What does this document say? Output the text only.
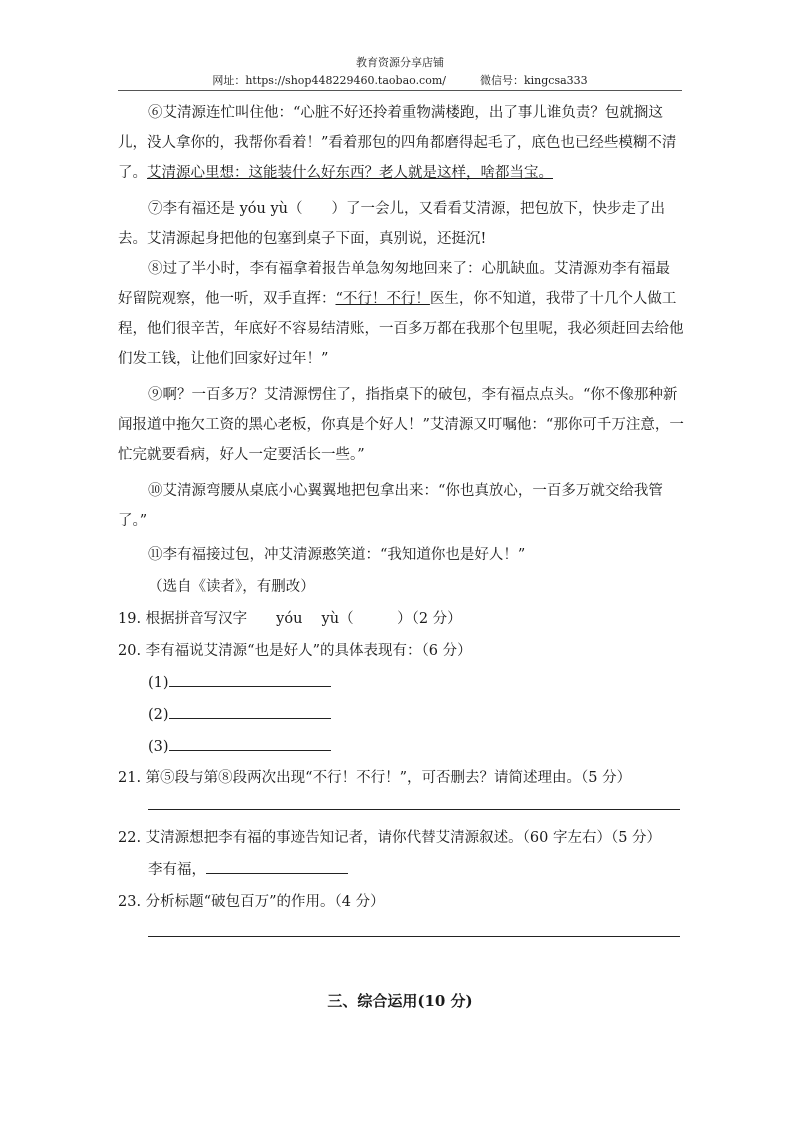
教育资源分享店铺
网址：https://shop448229460.taobao.com/	微信号：kingcsa333
⑥艾清源连忙叫住他：“心脏不好还拎着重物满楼跑，出了事儿谁负责？包就搁这儿，没人拿你的，我帮你看着！”看着那包的四角都磨得起毛了，底色也已经些模糊不清了。艾清源心里想：这能装什么好东西？老人就是这样，啥都当宝。
⑦李有福还是 yóu yù（　　）了一会儿，又看看艾清源，把包放下，快步走了出去。艾清源起身把他的包塞到桌子下面，真别说，还挺沉!
⑧过了半小时，李有福拿着报告单急匆匆地回来了：心肌缺血。艾清源劝李有福最好留院观察，他一听，双手直挥：“不行！不行！医生，你不知道，我带了十几个人做工程，他们很辛苦，年底好不容易结清账，一百多万都在我那个包里呢，我必须赶回去给他们发工钱，让他们回家好过年！”
⑨啊？一百多万？艾清源愣住了，指指桌下的破包，李有福点点头。“你不像那种新闻报道中拖欠工资的黑心老板，你真是个好人！”艾清源又叮嘱他：“那你可千万注意，一忙完就要看病，好人一定要活长一些。”
⑩艾清源弯腰从桌底小心翼翼地把包拿出来：“你也真放心，一百多万就交给我管了。”
⑪李有福接过包，冲艾清源憨笑道：“我知道你也是好人！”
（选自《读者》，有删改）
19. 根据拼音写汉字　　yóu　 yù（　　　）（2 分）
20. 李有福说艾清源“也是好人”的具体表现有：（6 分）
(1)
(2)
(3)
21. 第⑤段与第⑧段两次出现“不行！不行！”，可否删去？请简述理由。（5 分）
22. 艾清源想把李有福的事迹告知记者，请你代替艾清源叙述。（60 字左右）（5 分）
李有福，
23. 分析标题“破包百万”的作用。（4 分）
三、综合运用(10 分)
